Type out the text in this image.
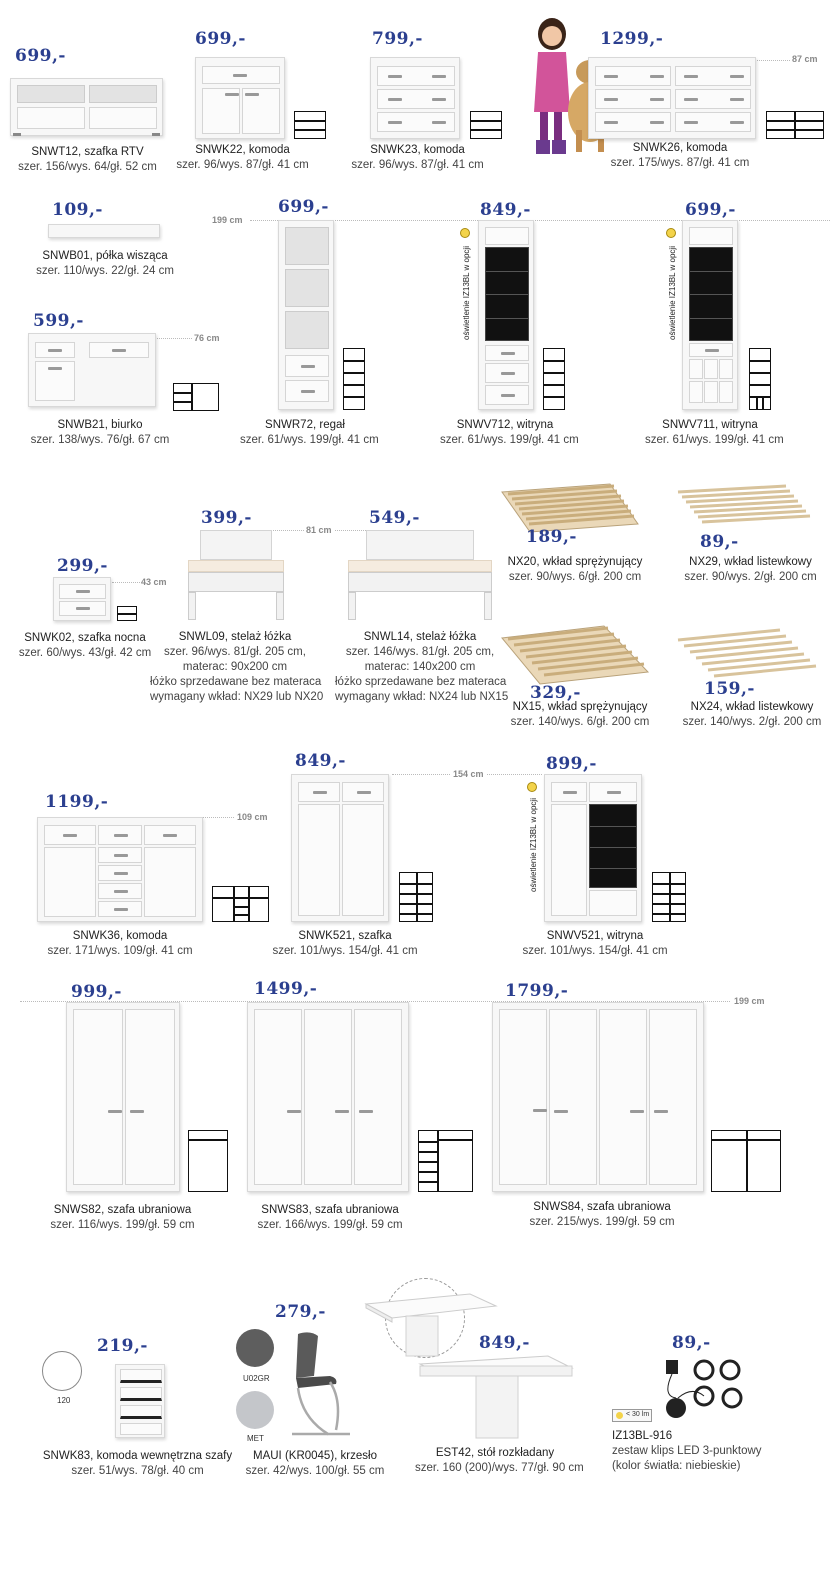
87 cm
699,-
SNWT12, szafka RTV
szer. 156/wys. 64/gł. 52 cm
699,-
SNWK22, komoda
szer. 96/wys. 87/gł. 41 cm
799,-
SNWK23, komoda
szer. 96/wys. 87/gł. 41 cm
1299,-
SNWK26, komoda
szer. 175/wys. 87/gł. 41 cm
199 cm
109,-
SNWB01, półka wisząca
szer. 110/wys. 22/gł. 24 cm
599,-
76 cm
SNWB21, biurko
szer. 138/wys. 76/gł. 67 cm
699,-
SNWR72, regał
szer. 61/wys. 199/gł. 41 cm
849,-
oświetlenie IZ13BL w opcji
SNWV712, witryna
szer. 61/wys. 199/gł. 41 cm
699,-
oświetlenie IZ13BL w opcji
SNWV711, witryna
szer. 61/wys. 199/gł. 41 cm
81 cm
299,-
43 cm
SNWK02, szafka nocna
szer. 60/wys. 43/gł. 42 cm
399,-
SNWL09, stelaż łóżka
szer. 96/wys. 81/gł. 205 cm,
materac: 90x200 cm
łóżko sprzedawane bez materaca
wymagany wkład: NX29 lub NX20
549,-
SNWL14, stelaż łóżka
szer. 146/wys. 81/gł. 205 cm,
materac: 140x200 cm
łóżko sprzedawane bez materaca
wymagany wkład: NX24 lub NX15
189,-
NX20, wkład sprężynujący
szer. 90/wys. 6/gł. 200 cm
89,-
NX29, wkład listewkowy
szer. 90/wys. 2/gł. 200 cm
329,-
NX15, wkład sprężynujący
szer. 140/wys. 6/gł. 200 cm
159,-
NX24, wkład listewkowy
szer. 140/wys. 2/gł. 200 cm
154 cm
109 cm
1199,-
SNWK36, komoda
szer. 171/wys. 109/gł. 41 cm
849,-
SNWK521, szafka
szer. 101/wys. 154/gł. 41 cm
899,-
oświetlenie IZ13BL w opcji
SNWV521, witryna
szer. 101/wys. 154/gł. 41 cm
199 cm
999,-
SNWS82, szafa ubraniowa
szer. 116/wys. 199/gł. 59 cm
1499,-
SNWS83, szafa ubraniowa
szer. 166/wys. 199/gł. 59 cm
1799,-
SNWS84, szafa ubraniowa
szer. 215/wys. 199/gł. 59 cm
120
219,-
SNWK83, komoda wewnętrzna szafy
szer. 51/wys. 78/gł. 40 cm
279,-
U02GR
MET
MAUI (KR0045), krzesło
szer. 42/wys. 100/gł. 55 cm
849,-
EST42, stół rozkładany
szer. 160 (200)/wys. 77/gł. 90 cm
89,-
< 30 lm
IZ13BL-916
zestaw klips LED 3-punktowy
(kolor światła: niebieskie)
